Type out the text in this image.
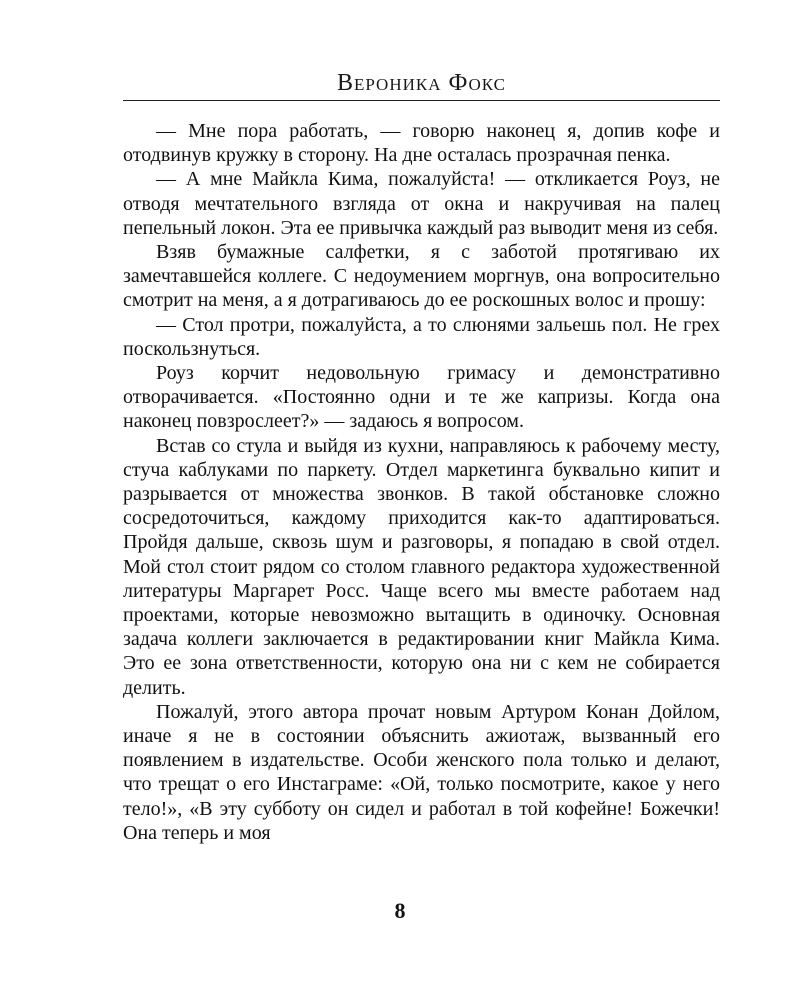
Вероника Фокс

— Мне пора работать, — говорю наконец я, допив кофе и отодвинув кружку в сторону. На дне осталась прозрачная пенка.

— А мне Майкла Кима, пожалуйста! — откликается Роуз, не отводя мечтательного взгляда от окна и накручивая на палец пепельный локон. Эта ее привычка каждый раз выводит меня из себя.

Взяв бумажные салфетки, я с заботой протягиваю их замечтавшейся коллеге. С недоумением моргнув, она вопросительно смотрит на меня, а я дотрагиваюсь до ее роскошных волос и прошу:

— Стол протри, пожалуйста, а то слюнями зальешь пол. Не грех поскользнуться.

Роуз корчит недовольную гримасу и демонстративно отворачивается. «Постоянно одни и те же капризы. Когда она наконец повзрослеет?» — задаюсь я вопросом.

Встав со стула и выйдя из кухни, направляюсь к рабочему месту, стуча каблуками по паркету. Отдел маркетинга буквально кипит и разрывается от множества звонков. В такой обстановке сложно сосредоточиться, каждому приходится как-то адаптироваться. Пройдя дальше, сквозь шум и разговоры, я попадаю в свой отдел. Мой стол стоит рядом со столом главного редактора художественной литературы Маргарет Росс. Чаще всего мы вместе работаем над проектами, которые невозможно вытащить в одиночку. Основная задача коллеги заключается в редактировании книг Майкла Кима. Это ее зона ответственности, которую она ни с кем не собирается делить.

Пожалуй, этого автора прочат новым Артуром Конан Дойлом, иначе я не в состоянии объяснить ажиотаж, вызванный его появлением в издательстве. Особи женского пола только и делают, что трещат о его Инстаграме: «Ой, только посмотрите, какое у него тело!», «В эту субботу он сидел и работал в той кофейне! Божечки! Она теперь и моя

8
